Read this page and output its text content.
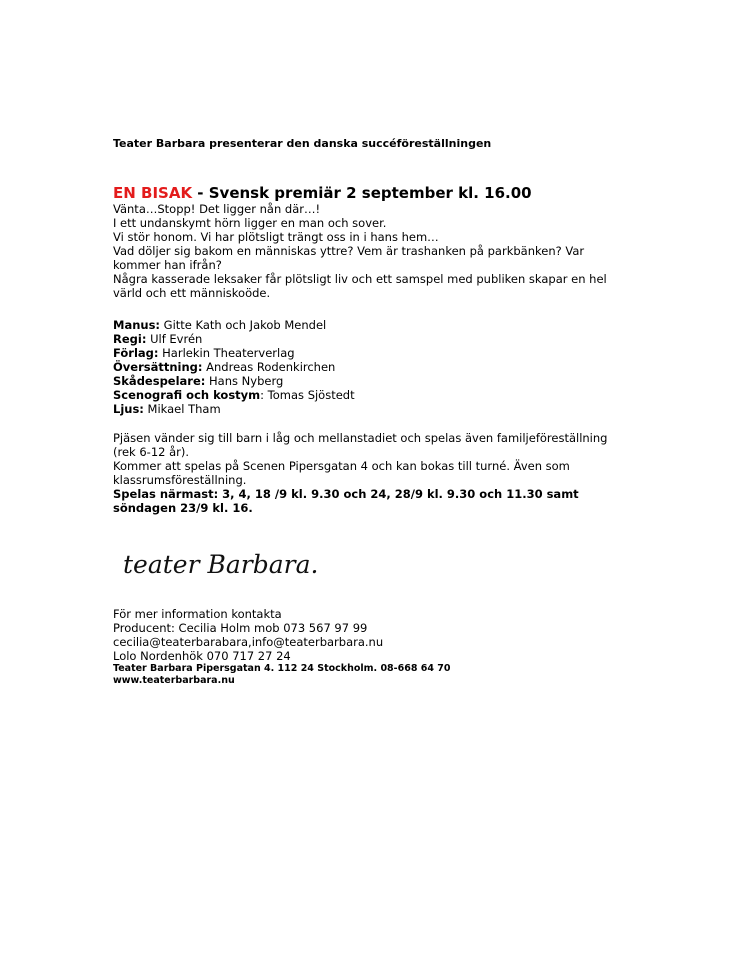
Teater Barbara presenterar den danska succéföreställningen
EN BISAK - Svensk premiär 2 september kl. 16.00

Vänta…Stopp! Det ligger nån där…!

I ett undanskymt hörn ligger en man och sover.

Vi stör honom. Vi har plötsligt trängt oss in i hans hem…

Vad döljer sig bakom en människas yttre? Vem är trashanken på parkbänken? Var kommer han ifrån?

Några kasserade leksaker får plötsligt liv och ett samspel med publiken skapar en hel värld och ett människoöde.

Manus: Gitte Kath och Jakob Mendel

Regi: Ulf Evrén

Förlag: Harlekin Theaterverlag

Översättning: Andreas Rodenkirchen

Skådespelare: Hans Nyberg

Scenografi och kostym: Tomas Sjöstedt

Ljus: Mikael Tham

Pjäsen vänder sig till barn i låg och mellanstadiet och spelas även familjeföreställning (rek 6-12 år).

Kommer att spelas på Scenen Pipersgatan 4 och kan bokas till turné. Även som klassrumsföreställning.

Spelas närmast: 3, 4, 18 /9 kl. 9.30 och 24, 28/9 kl. 9.30 och 11.30 samt söndagen 23/9 kl. 16.

teater Barbara.

För mer information kontakta

Producent: Cecilia Holm mob 073 567 97 99

cecilia@teaterbarabara,info@teaterbarbara.nu

Lolo Nordenhök 070 717 27 24

Teater Barbara Pipersgatan 4. 112 24 Stockholm. 08-668 64 70

www.teaterbarbara.nu
